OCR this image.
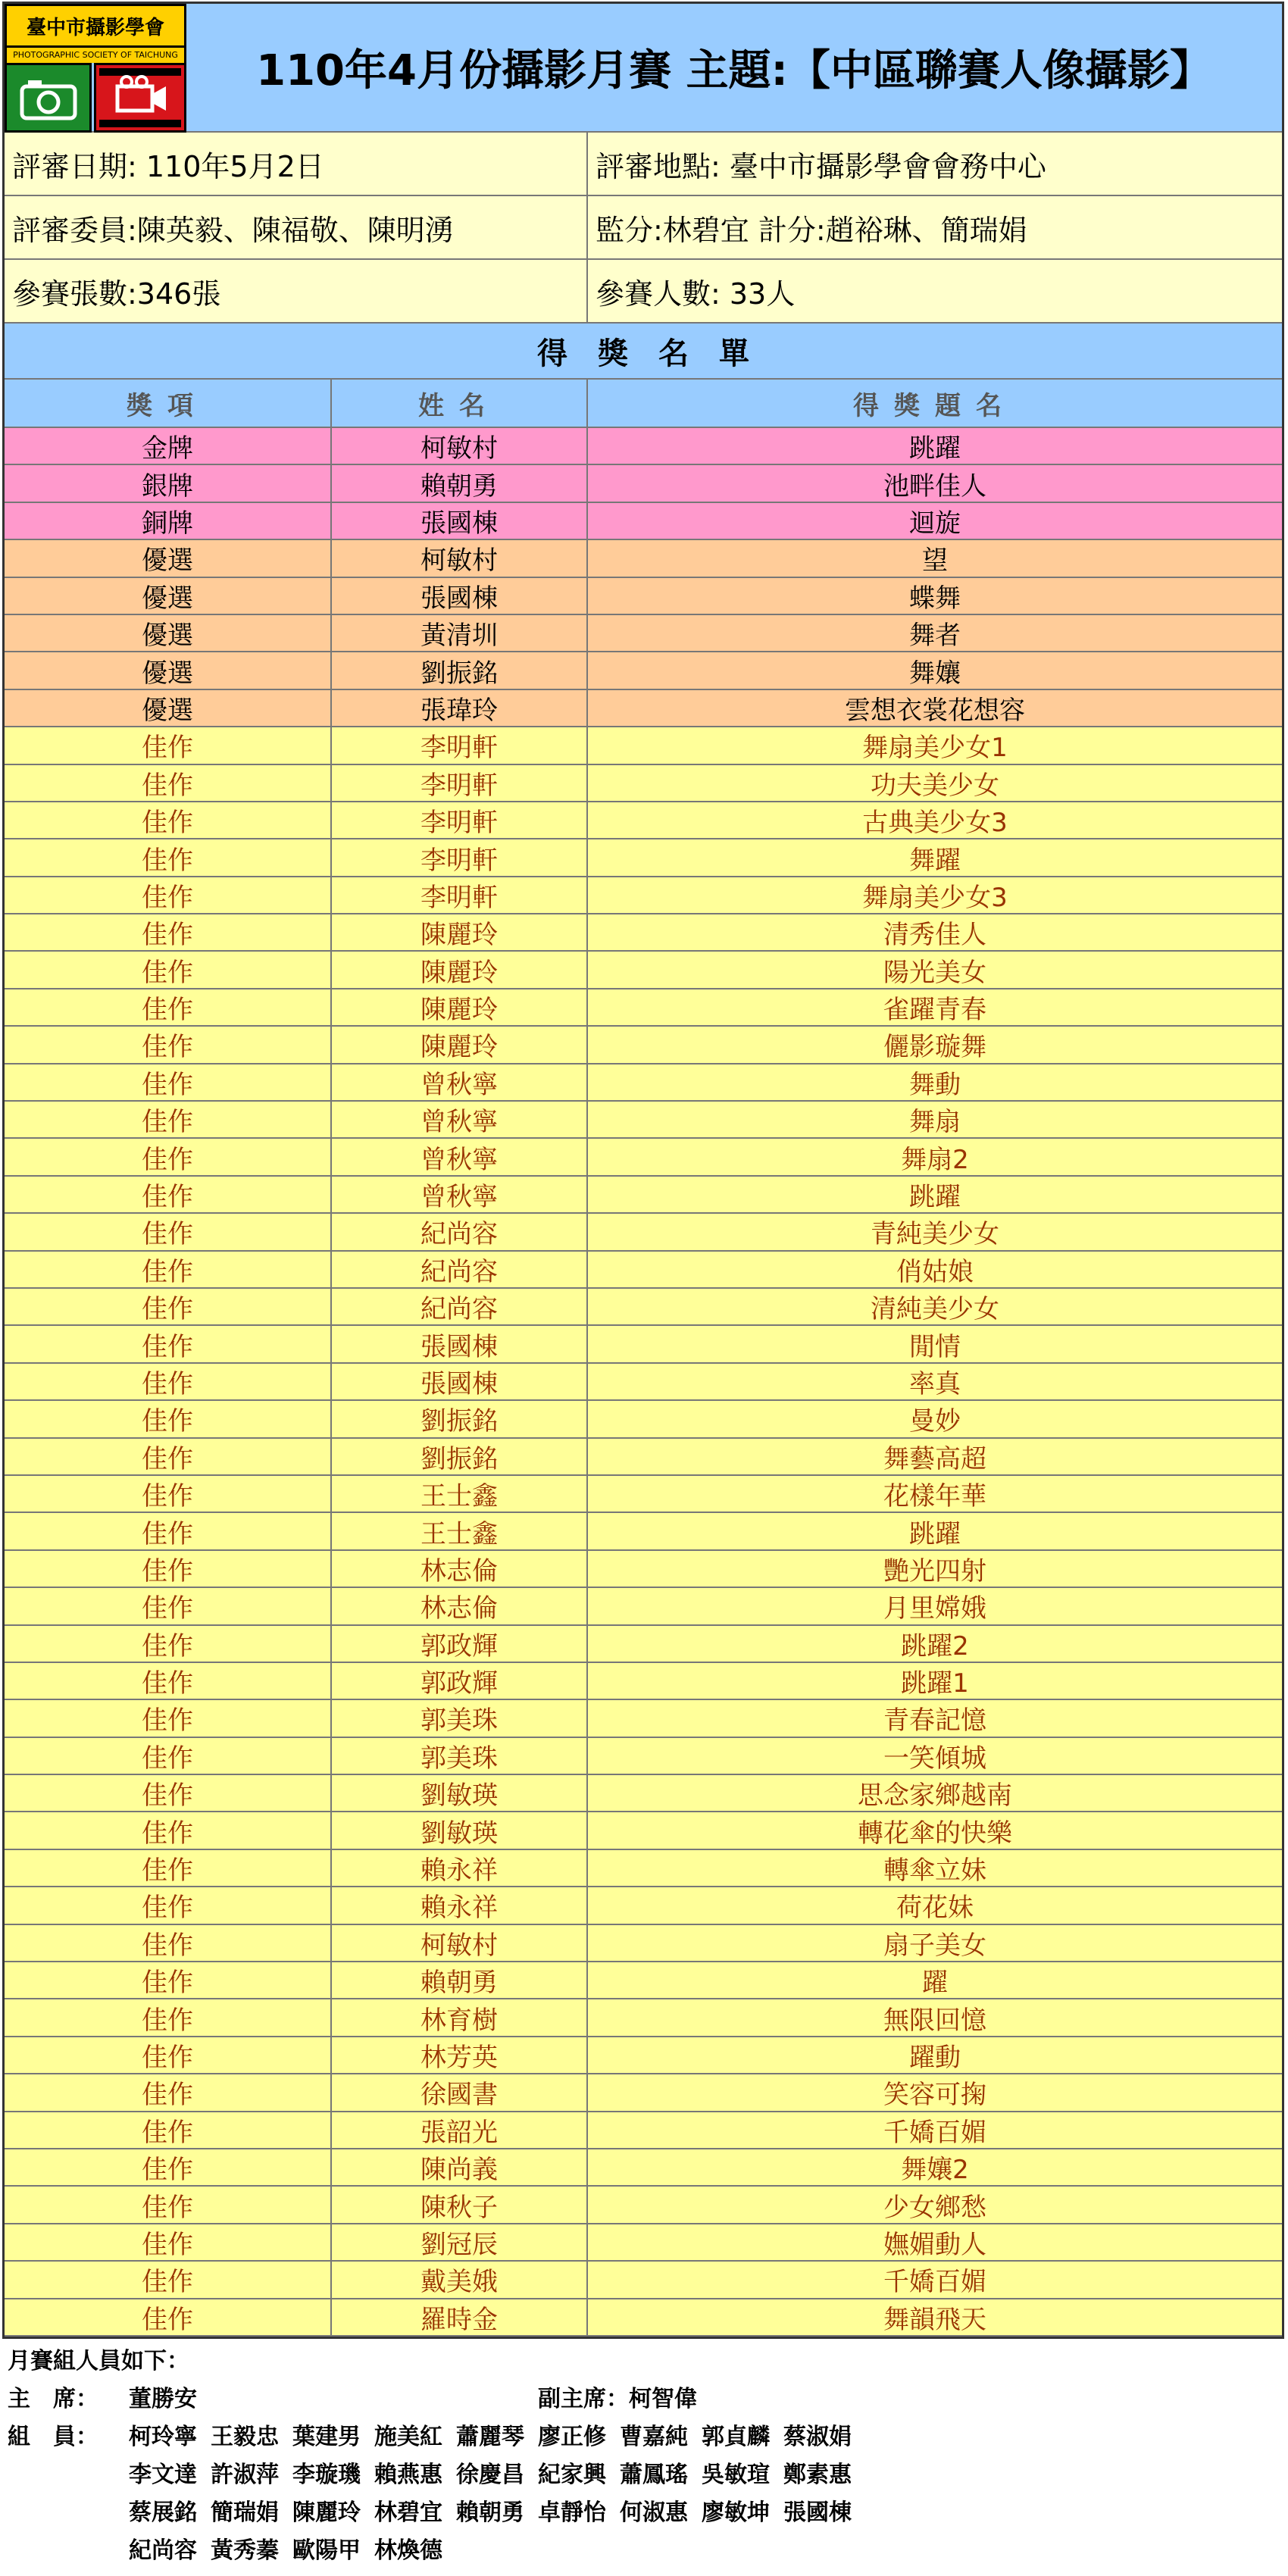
臺中市攝影學會
PHOTOGRAPHIC SOCIETY OF TAICHUNG	110年4月份攝影月賽 主題:【中區聯賽人像攝影】
評審日期: 110年5月2日	評審地點: 臺中市攝影學會會務中心
評審委員:陳英毅、陳福敬、陳明湧	監分:林碧宜 計分:趙裕琳、簡瑞娟
參賽張數:346張	參賽人數: 33人
得獎名單
獎項	姓名	得獎題名
金牌	柯敏村	跳躍
銀牌	賴朝勇	池畔佳人
銅牌	張國棟	迴旋
優選	柯敏村	望
優選	張國棟	蝶舞
優選	黃清圳	舞者
優選	劉振銘	舞孃
優選	張瑋玲	雲想衣裳花想容
佳作	李明軒	舞扇美少女1
佳作	李明軒	功夫美少女
佳作	李明軒	古典美少女3
佳作	李明軒	舞躍
佳作	李明軒	舞扇美少女3
佳作	陳麗玲	清秀佳人
佳作	陳麗玲	陽光美女
佳作	陳麗玲	雀躍青春
佳作	陳麗玲	儷影璇舞
佳作	曾秋寧	舞動
佳作	曾秋寧	舞扇
佳作	曾秋寧	舞扇2
佳作	曾秋寧	跳躍
佳作	紀尚容	青純美少女
佳作	紀尚容	俏姑娘
佳作	紀尚容	清純美少女
佳作	張國棟	閒情
佳作	張國棟	率真
佳作	劉振銘	曼妙
佳作	劉振銘	舞藝高超
佳作	王士鑫	花樣年華
佳作	王士鑫	跳躍
佳作	林志倫	艷光四射
佳作	林志倫	月里嫦娥
佳作	郭政輝	跳躍2
佳作	郭政輝	跳躍1
佳作	郭美珠	青春記憶
佳作	郭美珠	一笑傾城
佳作	劉敏瑛	思念家鄉越南
佳作	劉敏瑛	轉花傘的快樂
佳作	賴永祥	轉傘立妹
佳作	賴永祥	荷花妹
佳作	柯敏村	扇子美女
佳作	賴朝勇	躍
佳作	林育樹	無限回憶
佳作	林芳英	躍動
佳作	徐國書	笑容可掬
佳作	張韶光	千嬌百媚
佳作	陳尚義	舞孃2
佳作	陳秋子	少女鄉愁
佳作	劉冠辰	嫵媚動人
佳作	戴美娥	千嬌百媚
佳作	羅時金	舞韻飛天
月賽組人員如下：
主　席：	董勝安	副主席： 柯智偉
組　員：	柯玲寧 王毅忠 葉建男 施美紅 蕭麗琴 廖正修 曹嘉純 郭貞麟 蔡淑娟
李文達 許淑萍 李璇璣 賴燕惠 徐慶昌 紀家興 蕭鳳瑤 吳敏瑄 鄭素惠
蔡展銘 簡瑞娟 陳麗玲 林碧宜 賴朝勇 卓靜怡 何淑惠 廖敏坤 張國棟
紀尚容 黃秀蓁 歐陽甲 林煥德
